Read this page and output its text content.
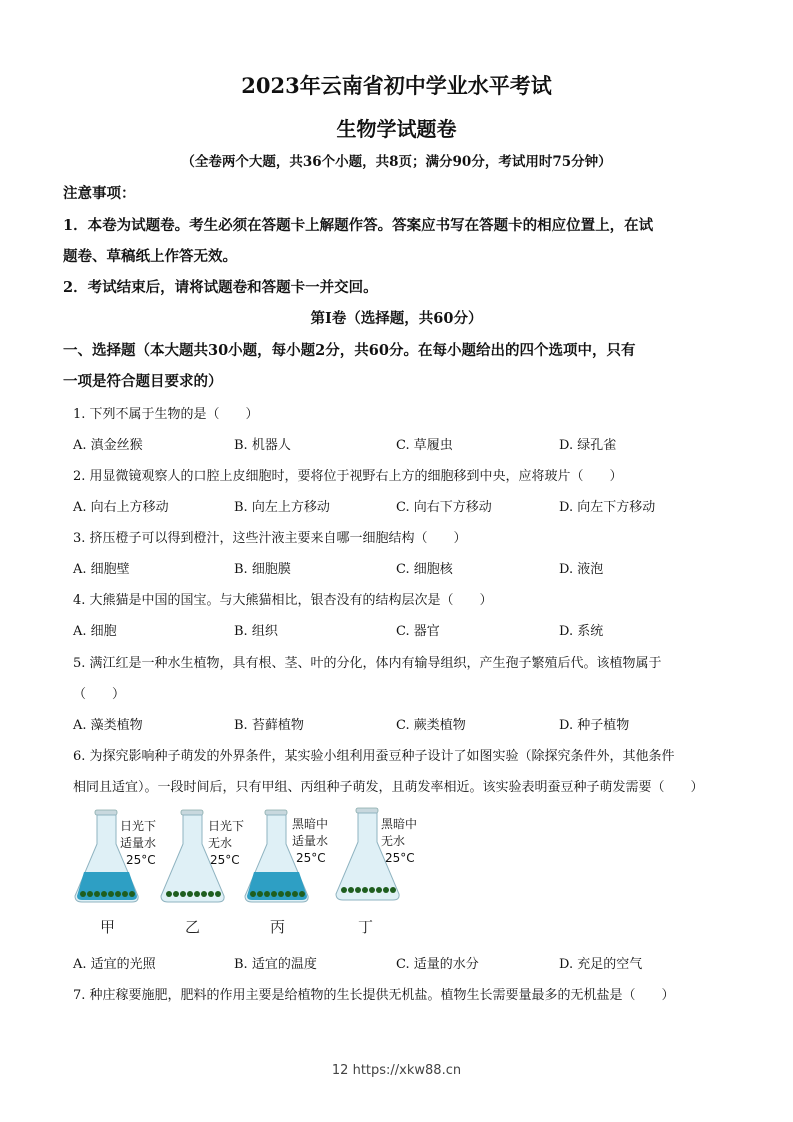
2023年云南省初中学业水平考试
生物学试题卷
（全卷两个大题，共36个小题，共8页；满分90分，考试用时75分钟）
注意事项：
1．本卷为试题卷。考生必须在答题卡上解题作答。答案应书写在答题卡的相应位置上，在试
题卷、草稿纸上作答无效。
2．考试结束后，请将试题卷和答题卡一并交回。
第Ⅰ卷（选择题，共60分）
一、选择题（本大题共30小题，每小题2分，共60分。在每小题给出的四个选项中，只有
一项是符合题目要求的）
1. 下列不属于生物的是（　　）
A. 滇金丝猴	B. 机器人	C. 草履虫	D. 绿孔雀
2. 用显微镜观察人的口腔上皮细胞时，要将位于视野右上方的细胞移到中央，应将玻片（　　）
A. 向右上方移动	B. 向左上方移动	C. 向右下方移动	D. 向左下方移动
3. 挤压橙子可以得到橙汁，这些汁液主要来自哪一细胞结构（　　）
A. 细胞壁	B. 细胞膜	C. 细胞核	D. 液泡
4. 大熊猫是中国的国宝。与大熊猫相比，银杏没有的结构层次是（　　）
A. 细胞	B. 组织	C. 器官	D. 系统
5. 满江红是一种水生植物，具有根、茎、叶的分化，体内有输导组织，产生孢子繁殖后代。该植物属于
（　　）
A. 藻类植物	B. 苔藓植物	C. 蕨类植物	D. 种子植物
6. 为探究影响种子萌发的外界条件，某实验小组利用蚕豆种子设计了如图实验（除探究条件外，其他条件
相同且适宜）。一段时间后，只有甲组、丙组种子萌发，且萌发率相近。该实验表明蚕豆种子萌发需要（　　）
日光下
适量水
25°C
甲
日光下
无水
25°C
乙
黑暗中
适量水
25°C
丙
黑暗中
无水
25°C
丁
A. 适宜的光照	B. 适宜的温度	C. 适量的水分	D. 充足的空气
7. 种庄稼要施肥，肥料的作用主要是给植物的生长提供无机盐。植物生长需要量最多的无机盐是（　　）
12 https://xkw88.cn
